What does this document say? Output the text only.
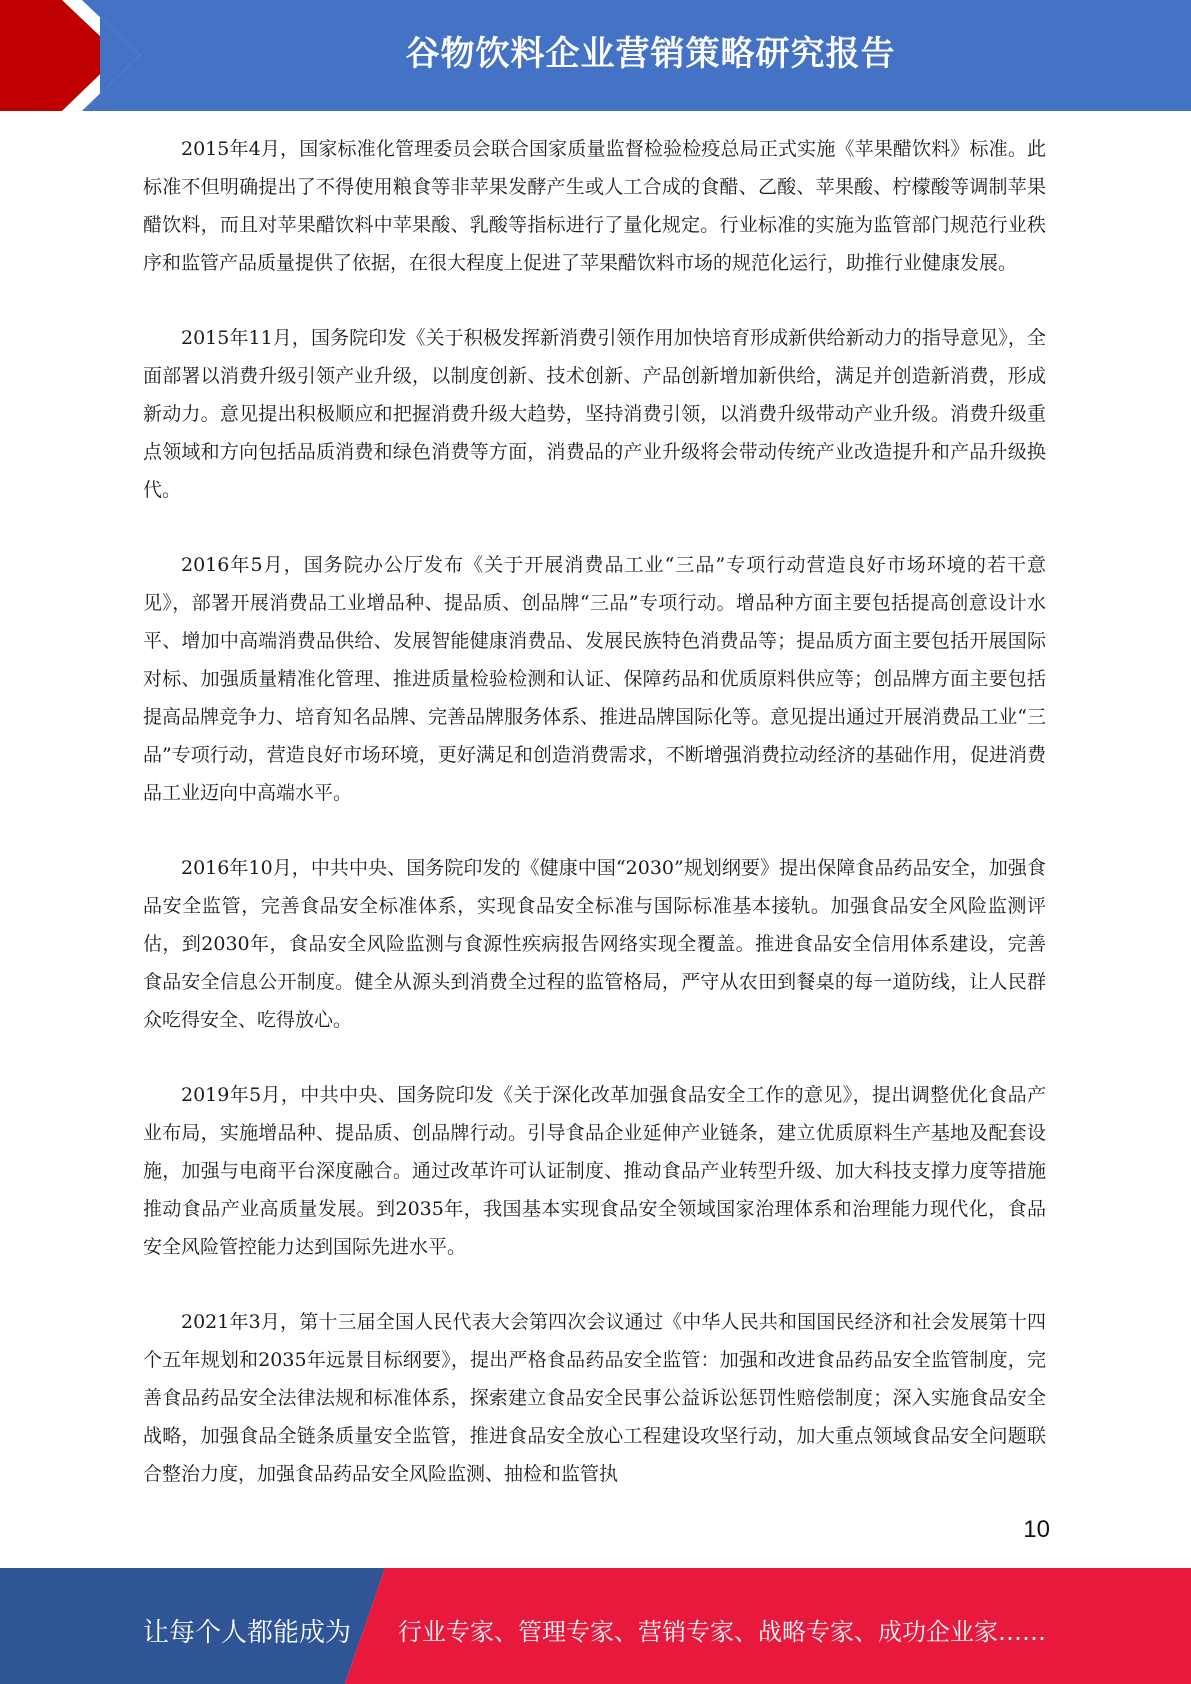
谷物饮料企业营销策略研究报告

2015年4月，国家标准化管理委员会联合国家质量监督检验检疫总局正式实施《苹果醋饮料》标准。此标准不但明确提出了不得使用粮食等非苹果发酵产生或人工合成的食醋、乙酸、苹果酸、柠檬酸等调制苹果醋饮料，而且对苹果醋饮料中苹果酸、乳酸等指标进行了量化规定。行业标准的实施为监管部门规范行业秩序和监管产品质量提供了依据，在很大程度上促进了苹果醋饮料市场的规范化运行，助推行业健康发展。

2015年11月，国务院印发《关于积极发挥新消费引领作用加快培育形成新供给新动力的指导意见》，全面部署以消费升级引领产业升级，以制度创新、技术创新、产品创新增加新供给，满足并创造新消费，形成新动力。意见提出积极顺应和把握消费升级大趋势，坚持消费引领，以消费升级带动产业升级。消费升级重点领域和方向包括品质消费和绿色消费等方面，消费品的产业升级将会带动传统产业改造提升和产品升级换代。

2016年5月，国务院办公厅发布《关于开展消费品工业“三品”专项行动营造良好市场环境的若干意见》，部署开展消费品工业增品种、提品质、创品牌“三品”专项行动。增品种方面主要包括提高创意设计水平、增加中高端消费品供给、发展智能健康消费品、发展民族特色消费品等；提品质方面主要包括开展国际对标、加强质量精准化管理、推进质量检验检测和认证、保障药品和优质原料供应等；创品牌方面主要包括提高品牌竞争力、培育知名品牌、完善品牌服务体系、推进品牌国际化等。意见提出通过开展消费品工业“三品”专项行动，营造良好市场环境，更好满足和创造消费需求，不断增强消费拉动经济的基础作用，促进消费品工业迈向中高端水平。

2016年10月，中共中央、国务院印发的《健康中国“2030”规划纲要》提出保障食品药品安全，加强食品安全监管，完善食品安全标准体系，实现食品安全标准与国际标准基本接轨。加强食品安全风险监测评估，到2030年，食品安全风险监测与食源性疾病报告网络实现全覆盖。推进食品安全信用体系建设，完善食品安全信息公开制度。健全从源头到消费全过程的监管格局，严守从农田到餐桌的每一道防线，让人民群众吃得安全、吃得放心。

2019年5月，中共中央、国务院印发《关于深化改革加强食品安全工作的意见》，提出调整优化食品产业布局，实施增品种、提品质、创品牌行动。引导食品企业延伸产业链条，建立优质原料生产基地及配套设施，加强与电商平台深度融合。通过改革许可认证制度、推动食品产业转型升级、加大科技支撑力度等措施推动食品产业高质量发展。到2035年，我国基本实现食品安全领域国家治理体系和治理能力现代化，食品安全风险管控能力达到国际先进水平。

2021年3月，第十三届全国人民代表大会第四次会议通过《中华人民共和国国民经济和社会发展第十四个五年规划和2035年远景目标纲要》，提出严格食品药品安全监管：加强和改进食品药品安全监管制度，完善食品药品安全法律法规和标准体系，探索建立食品安全民事公益诉讼惩罚性赔偿制度；深入实施食品安全战略，加强食品全链条质量安全监管，推进食品安全放心工程建设攻坚行动，加大重点领域食品安全问题联合整治力度，加强食品药品安全风险监测、抽检和监管执

10
让每个人都能成为 行业专家、管理专家、营销专家、战略专家、成功企业家……
